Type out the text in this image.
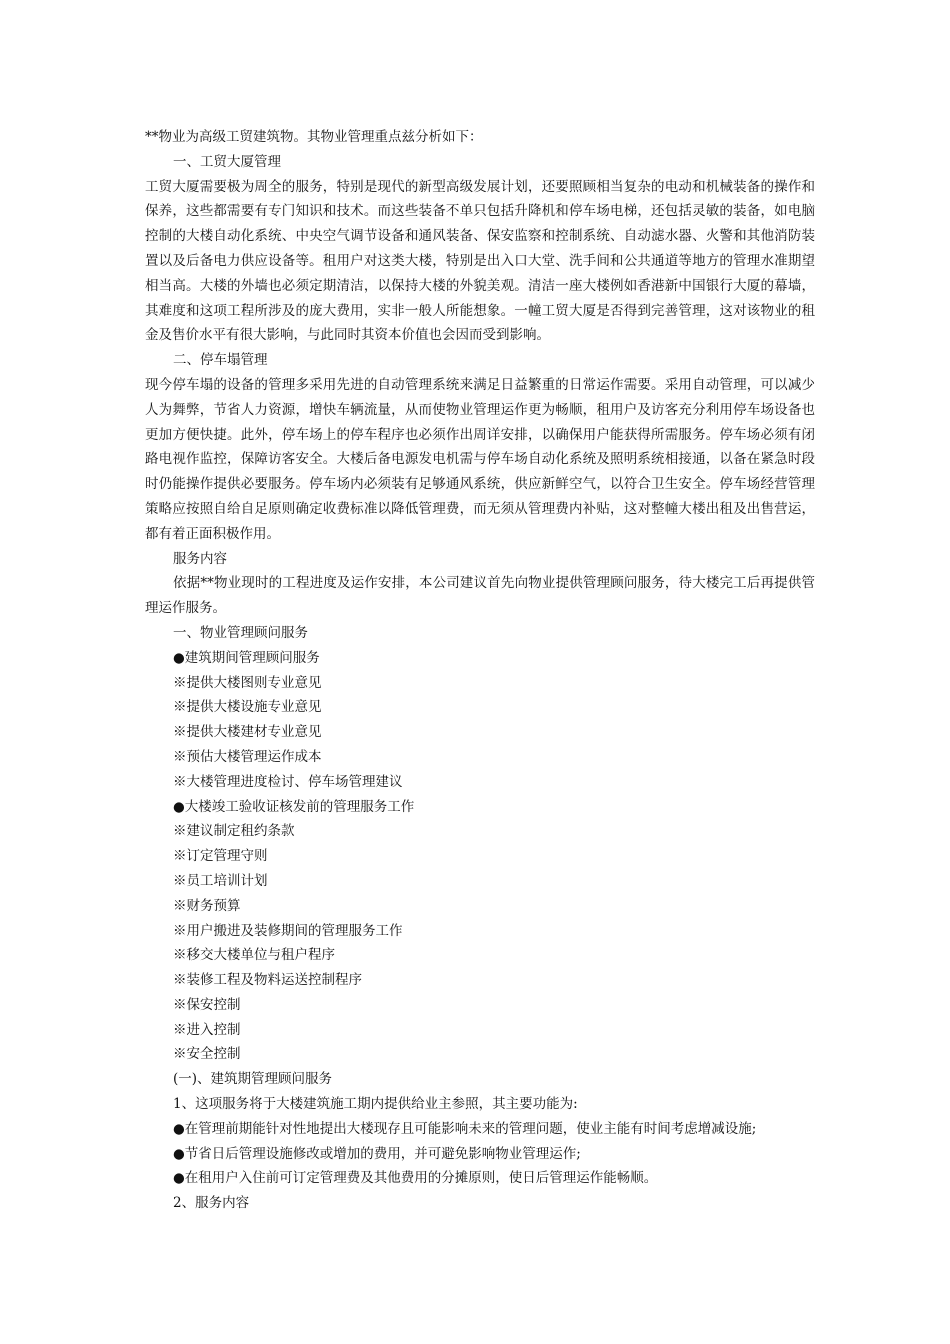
**物业为高级工贸建筑物。其物业管理重点兹分析如下：

一、工贸大厦管理

工贸大厦需要极为周全的服务，特别是现代的新型高级发展计划，还要照顾相当复杂的电动和机械装备的操作和保养，这些都需要有专门知识和技术。而这些装备不单只包括升降机和停车场电梯，还包括灵敏的装备，如电脑控制的大楼自动化系统、中央空气调节设备和通风装备、保安监察和控制系统、自动滤水器、火警和其他消防装置以及后备电力供应设备等。租用户对这类大楼，特别是出入口大堂、洗手间和公共通道等地方的管理水准期望相当高。大楼的外墙也必须定期清洁，以保持大楼的外貌美观。清洁一座大楼例如香港新中国银行大厦的幕墙，其难度和这项工程所涉及的庞大费用，实非一般人所能想象。一幢工贸大厦是否得到完善管理，这对该物业的租金及售价水平有很大影响，与此同时其资本价值也会因而受到影响。

二、停车塌管理

现今停车塌的设备的管理多采用先进的自动管理系统来满足日益繁重的日常运作需要。采用自动管理，可以减少人为舞弊，节省人力资源，增快车辆流量，从而使物业管理运作更为畅顺，租用户及访客充分利用停车场设备也更加方便快捷。此外，停车场上的停车程序也必须作出周详安排，以确保用户能获得所需服务。停车场必须有闭路电视作监控，保障访客安全。大楼后备电源发电机需与停车场自动化系统及照明系统相接通，以备在紧急时段时仍能操作提供必要服务。停车场内必须装有足够通风系统，供应新鲜空气，以符合卫生安全。停车场经营管理策略应按照自给自足原则确定收费标准以降低管理费，而无须从管理费内补贴，这对整幢大楼出租及出售营运，都有着正面积极作用。

服务内容

依据**物业现时的工程进度及运作安排，本公司建议首先向物业提供管理顾问服务，待大楼完工后再提供管理运作服务。

一、物业管理顾问服务

●建筑期间管理顾问服务

※提供大楼图则专业意见

※提供大楼设施专业意见

※提供大楼建材专业意见

※预估大楼管理运作成本

※大楼管理进度检讨、停车场管理建议

●大楼竣工验收证核发前的管理服务工作

※建议制定租约条款

※订定管理守则

※员工培训计划

※财务预算

※用户搬进及装修期间的管理服务工作

※移交大楼单位与租户程序

※装修工程及物料运送控制程序

※保安控制

※进入控制

※安全控制

(一)、建筑期管理顾问服务

1、这项服务将于大楼建筑施工期内提供给业主参照，其主要功能为:

●在管理前期能针对性地提出大楼现存且可能影响未来的管理问题，使业主能有时间考虑增减设施;

●节省日后管理设施修改或增加的费用，并可避免影响物业管理运作;

●在租用户入住前可订定管理费及其他费用的分摊原则，使日后管理运作能畅顺。

2、服务内容
